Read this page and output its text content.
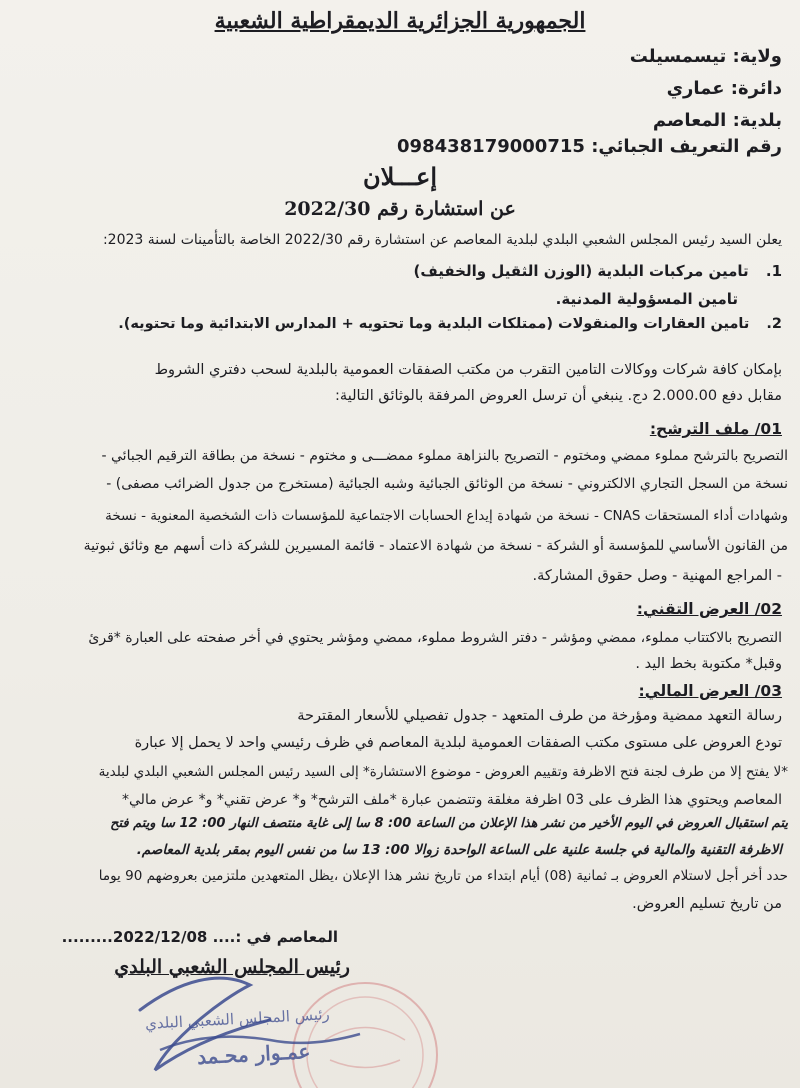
الجمهورية الجزائرية الديمقراطية الشعبية
ولاية: تيسمسيلت
دائرة: عماري
بلدية: المعاصم
رقم التعريف الجبائي: 098438179000715
إعـــلان
عن استشارة رقم 2022/30
يعلن السيد رئيس المجلس الشعبي البلدي لبلدية المعاصم عن استشارة رقم 2022/30 الخاصة بالتأمينات لسنة 2023:
1. تامين مركبات البلدية (الوزن الثقيل والخفيف)
تامين المسؤولية المدنية.
2. تامين العقارات والمنقولات (ممتلكات البلدية وما تحتويه + المدارس الابتدائية وما تحتويه).
بإمكان كافة شركات ووكالات التامين التقرب من مكتب الصفقات العمومية بالبلدية لسحب دفتري الشروط
مقابل دفع 2.000.00 دج. ينبغي أن ترسل العروض المرفقة بالوثائق التالية:
01/ ملف الترشح:
التصريح بالترشح مملوء ممضي ومختوم - التصريح بالنزاهة مملوء ممضـــى و مختوم - نسخة من بطاقة الترقيم الجبائي -
نسخة من السجل التجاري الالكتروني - نسخة من الوثائق الجبائية وشبه الجبائية (مستخرج من جدول الضرائب مصفى) -
وشهادات أداء المستحقات CNAS - نسخة من شهادة إيداع الحسابات الاجتماعية للمؤسسات ذات الشخصية المعنوية - نسخة
من القانون الأساسي للمؤسسة أو الشركة - نسخة من شهادة الاعتماد - قائمة المسيرين للشركة ذات أسهم مع وثائق ثبوتية
- المراجع المهنية - وصل حقوق المشاركة.
02/ العرض التقني:
التصريح بالاكتتاب مملوء، ممضي ومؤشر - دفتر الشروط مملوء، ممضي ومؤشر يحتوي في أخر صفحته على العبارة *قرئ
وقبل* مكتوبة بخط اليد .
03/ العرض المالي:
رسالة التعهد ممضية ومؤرخة من طرف المتعهد - جدول تفصيلي للأسعار المقترحة
تودع العروض على مستوى مكتب الصفقات العمومية لبلدية المعاصم في ظرف رئيسي واحد لا يحمل إلا عبارة
*لا يفتح إلا من طرف لجنة فتح الاظرفة وتقييم العروض - موضوع الاستشارة* إلى السيد رئيس المجلس الشعبي البلدي لبلدية
المعاصم ويحتوي هذا الظرف على 03 اظرفة مغلقة وتتضمن عبارة *ملف الترشح* و* عرض تقني* و* عرض مالي*
يتم استقبال العروض في اليوم الأخير من نشر هذا الإعلان من الساعة 00: 8 سا إلى غاية منتصف النهار 00: 12 سا ويتم فتح
الاظرفة التقنية والمالية في جلسة علنية على الساعة الواحدة زوالا 00: 13 سا من نفس اليوم بمقر بلدية المعاصم.
حدد أخر أجل لاستلام العروض بـ ثمانية (08) أيام ابتداء من تاريخ نشر هذا الإعلان ،يظل المتعهدين ملتزمين بعروضهم 90 يوما
من تاريخ تسليم العروض.
المعاصم في :.... 2022/12/08.........
رئيس المجلس الشعبي البلدي
رئيس المجلس الشعبي البلدي
عمـوار محـمد
